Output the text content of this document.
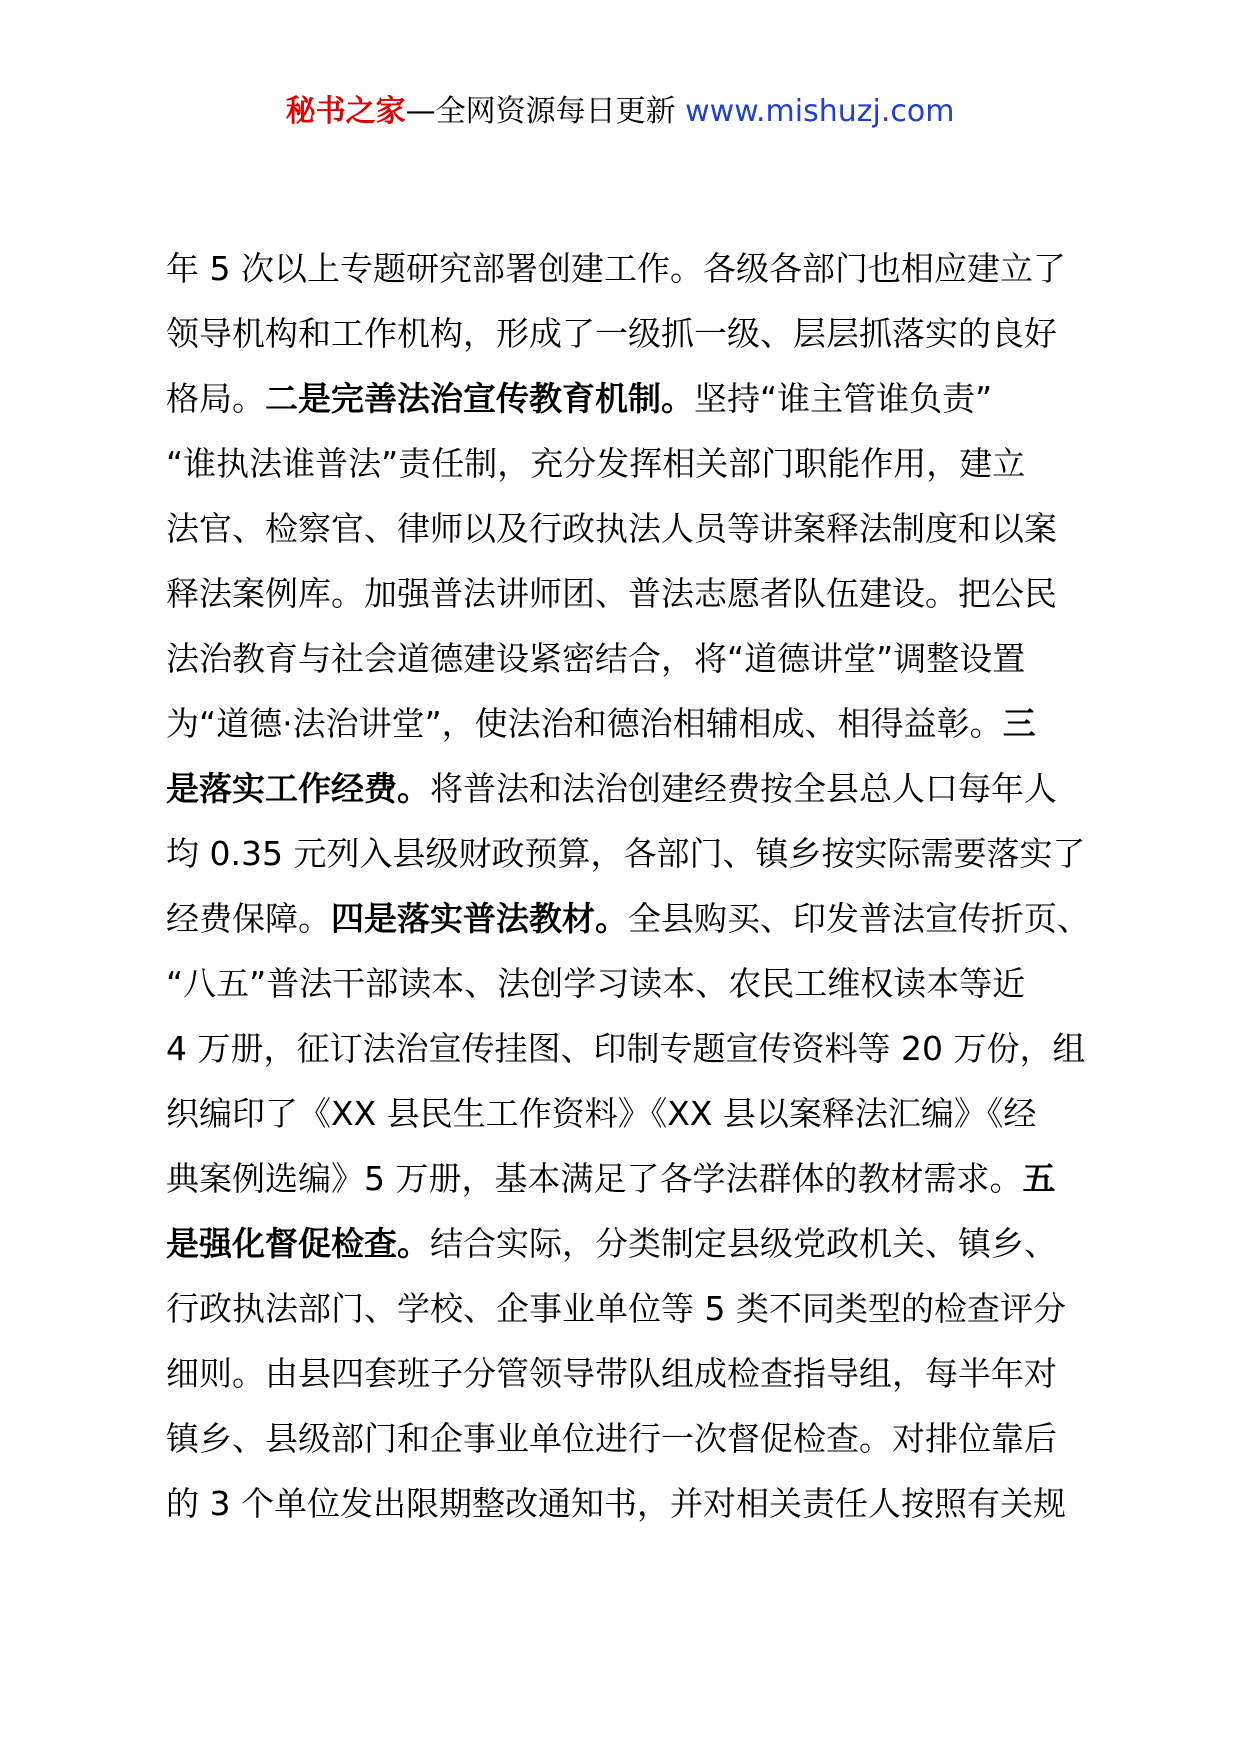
秘书之家—全网资源每日更新 www.mishuzj.com
年 5 次以上专题研究部署创建工作。各级各部门也相应建立了
领导机构和工作机构，形成了一级抓一级、层层抓落实的良好
格局。二是完善法治宣传教育机制。坚持“谁主管谁负责”
“谁执法谁普法”责任制，充分发挥相关部门职能作用，建立
法官、检察官、律师以及行政执法人员等讲案释法制度和以案
释法案例库。加强普法讲师团、普法志愿者队伍建设。把公民
法治教育与社会道德建设紧密结合，将“道德讲堂”调整设置
为“道德·法治讲堂”，使法治和德治相辅相成、相得益彰。三
是落实工作经费。将普法和法治创建经费按全县总人口每年人
均 0.35 元列入县级财政预算，各部门、镇乡按实际需要落实了
经费保障。四是落实普法教材。全县购买、印发普法宣传折页、
“八五”普法干部读本、法创学习读本、农民工维权读本等近
4 万册，征订法治宣传挂图、印制专题宣传资料等 20 万份，组
织编印了《XX 县民生工作资料》《XX 县以案释法汇编》《经
典案例选编》5 万册，基本满足了各学法群体的教材需求。五
是强化督促检查。结合实际，分类制定县级党政机关、镇乡、
行政执法部门、学校、企事业单位等 5 类不同类型的检查评分
细则。由县四套班子分管领导带队组成检查指导组，每半年对
镇乡、县级部门和企事业单位进行一次督促检查。对排位靠后
的 3 个单位发出限期整改通知书，并对相关责任人按照有关规
